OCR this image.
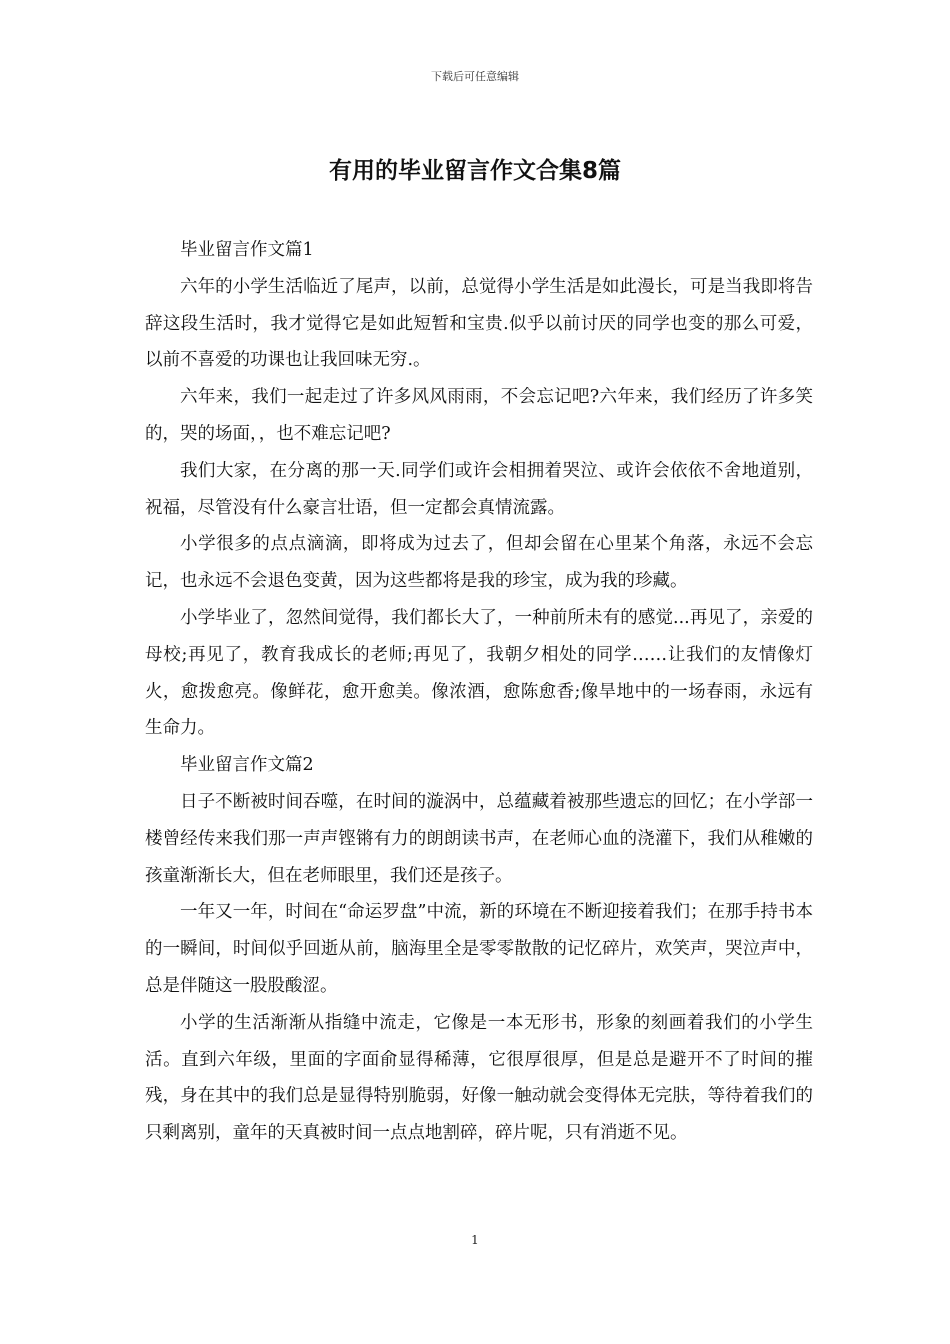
下载后可任意编辑
有用的毕业留言作文合集8篇

毕业留言作文篇1

六年的小学生活临近了尾声，以前，总觉得小学生活是如此漫长，可是当我即将告辞这段生活时，我才觉得它是如此短暂和宝贵.似乎以前讨厌的同学也变的那么可爱，以前不喜爱的功课也让我回味无穷.。

六年来，我们一起走过了许多风风雨雨，不会忘记吧?六年来，我们经历了许多笑的，哭的场面，，也不难忘记吧?

我们大家，在分离的那一天.同学们或许会相拥着哭泣、或许会依依不舍地道别，祝福，尽管没有什么豪言壮语，但一定都会真情流露。

小学很多的点点滴滴，即将成为过去了，但却会留在心里某个角落，永远不会忘记，也永远不会退色变黄，因为这些都将是我的珍宝，成为我的珍藏。

小学毕业了，忽然间觉得，我们都长大了，一种前所未有的感觉...再见了，亲爱的母校;再见了，教育我成长的老师;再见了，我朝夕相处的同学……让我们的友情像灯火，愈拨愈亮。像鲜花，愈开愈美。像浓酒，愈陈愈香;像旱地中的一场春雨，永远有生命力。

毕业留言作文篇2

日子不断被时间吞噬，在时间的漩涡中，总蕴藏着被那些遗忘的回忆；在小学部一楼曾经传来我们那一声声铿锵有力的朗朗读书声，在老师心血的浇灌下，我们从稚嫩的孩童渐渐长大，但在老师眼里，我们还是孩子。

一年又一年，时间在“命运罗盘”中流，新的环境在不断迎接着我们；在那手持书本的一瞬间，时间似乎回逝从前，脑海里全是零零散散的记忆碎片，欢笑声，哭泣声中，总是伴随这一股股酸涩。

小学的生活渐渐从指缝中流走，它像是一本无形书，形象的刻画着我们的小学生活。直到六年级，里面的字面俞显得稀薄，它很厚很厚，但是总是避开不了时间的摧残，身在其中的我们总是显得特别脆弱，好像一触动就会变得体无完肤，等待着我们的只剩离别，童年的天真被时间一点点地割碎，碎片呢，只有消逝不见。

1
